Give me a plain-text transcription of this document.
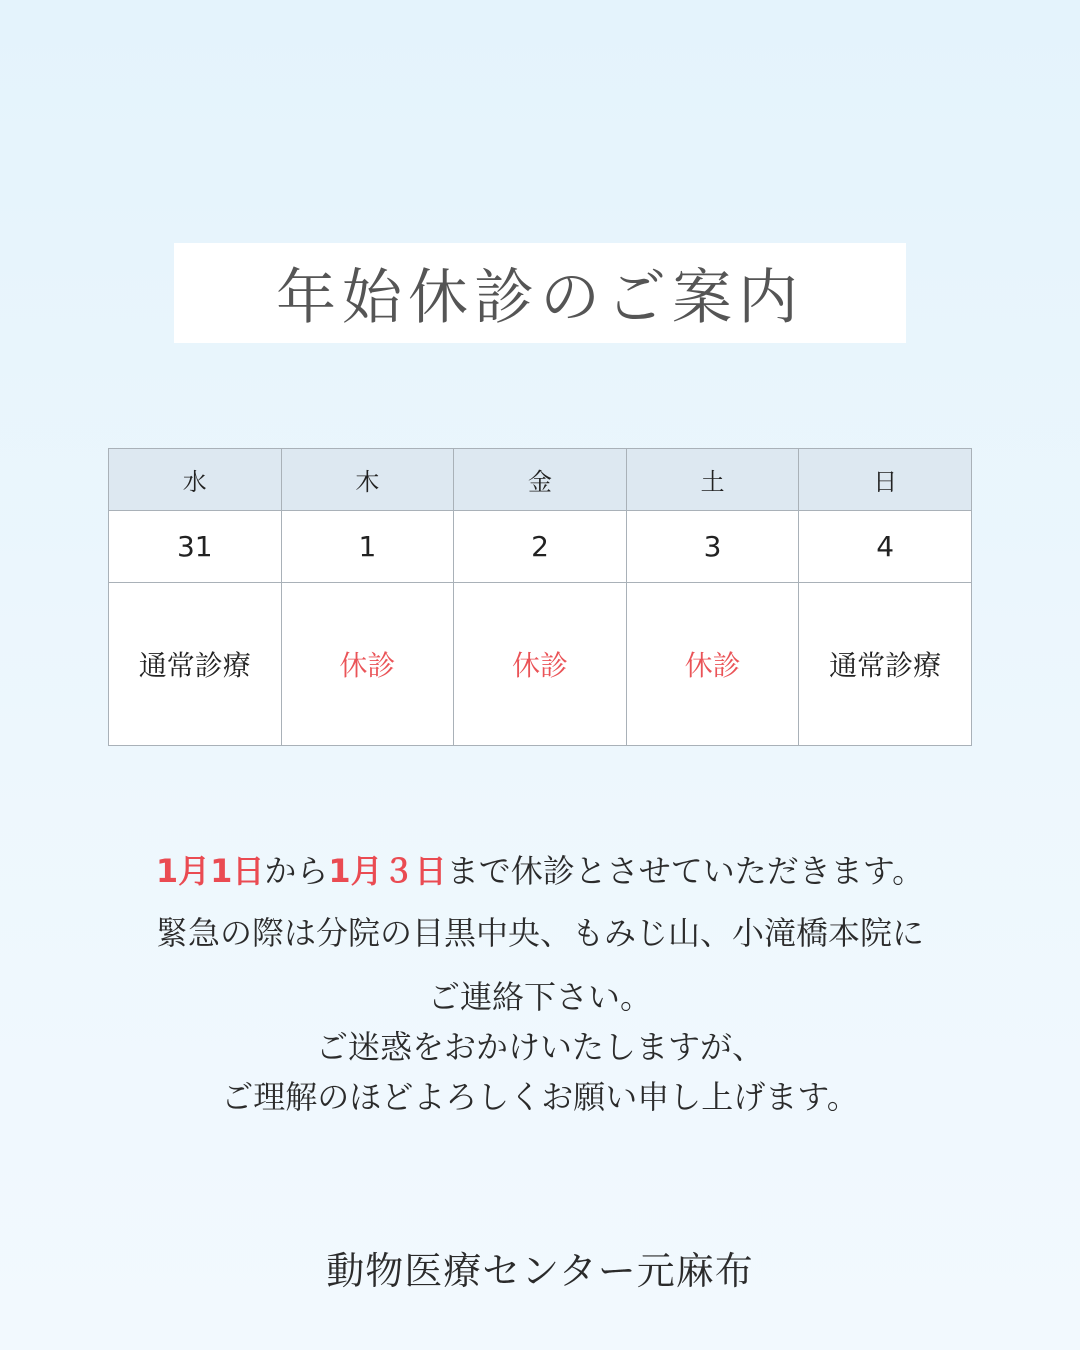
年始休診のご案内
水	木	金	土	日
31	1	2	3	4
通常診療	休診	休診	休診	通常診療
1月1日から1月３日まで休診とさせていただきます。
緊急の際は分院の目黒中央、もみじ山、小滝橋本院に
ご連絡下さい。
ご迷惑をおかけいたしますが、
ご理解のほどよろしくお願い申し上げます。
動物医療センター元麻布
